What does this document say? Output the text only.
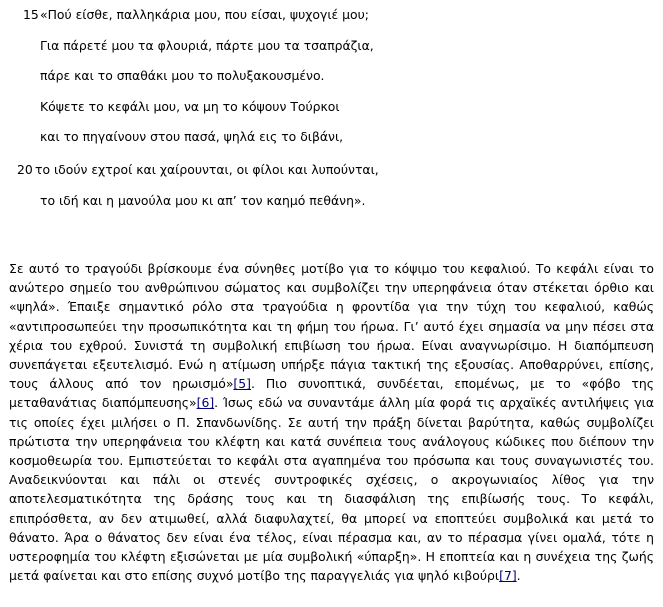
15 «Πού είσθε, παλληκάρια μου, που είσαι, ψυχογιέ μου;
Για πάρετέ μου τα φλουριά, πάρτε μου τα τσαπράζια,
πάρε και το σπαθάκι μου το πολυξακουσμένο.
Κόψετε το κεφάλι μου, να μη το κόψουν Τούρκοι
και το πηγαίνουν στου πασά, ψηλά εις το διβάνι,
20 το ιδούν εχτροί και χαίρουνται, οι φίλοι και λυπούνται,
το ιδή και η μανούλα μου κι απ’ τον καημό πεθάνη».

Σε αυτό το τραγούδι βρίσκουμε ένα σύνηθες μοτίβο για το κόψιμο του κεφαλιού. Το κεφάλι είναι το ανώτερο σημείο του ανθρώπινου σώματος και συμβολίζει την υπερηφάνεια όταν στέκεται όρθιο και «ψηλά». Έπαιξε σημαντικό ρόλο στα τραγούδια η φροντίδα για την τύχη του κεφαλιού, καθώς «αντιπροσωπεύει την προσωπικότητα και τη φήμη του ήρωα. Γι’ αυτό έχει σημασία να μην πέσει στα χέρια του εχθρού. Συνιστά τη συμβολική επιβίωση του ήρωα. Είναι αναγνωρίσιμο. Η διαπόμπευση συνεπάγεται εξευτελισμό. Ενώ η ατίμωση υπήρξε πάγια τακτική της εξουσίας. Αποθαρρύνει, επίσης, τους άλλους από τον ηρωισμό»[5]. Πιο συνοπτικά, συνδέεται, επομένως, με το «φόβο της μεταθανάτιας διαπόμπευσης»[6]. Ίσως εδώ να συναντάμε άλλη μία φορά τις αρχαϊκές αντιλήψεις για τις οποίες έχει μιλήσει ο Π. Σπανδωνίδης. Σε αυτή την πράξη δίνεται βαρύτητα, καθώς συμβολίζει πρώτιστα την υπερηφάνεια του κλέφτη και κατά συνέπεια τους ανάλογους κώδικες που διέπουν την κοσμοθεωρία του. Εμπιστεύεται το κεφάλι στα αγαπημένα του πρόσωπα και τους συναγωνιστές του. Αναδεικνύονται και πάλι οι στενές συντροφικές σχέσεις, ο ακρογωνιαίος λίθος για την αποτελεσματικότητα της δράσης τους και τη διασφάλιση της επιβίωσής τους. Το κεφάλι, επιπρόσθετα, αν δεν ατιμωθεί, αλλά διαφυλαχτεί, θα μπορεί να εποπτεύει συμβολικά και μετά το θάνατο. Άρα ο θάνατος δεν είναι ένα τέλος, είναι πέρασμα και, αν το πέρασμα γίνει ομαλά, τότε η υστεροφημία του κλέφτη εξισώνεται με μία συμβολική «ύπαρξη». Η εποπτεία και η συνέχεια της ζωής μετά φαίνεται και στο επίσης συχνό μοτίβο της παραγγελιάς για ψηλό κιβούρι[7].
